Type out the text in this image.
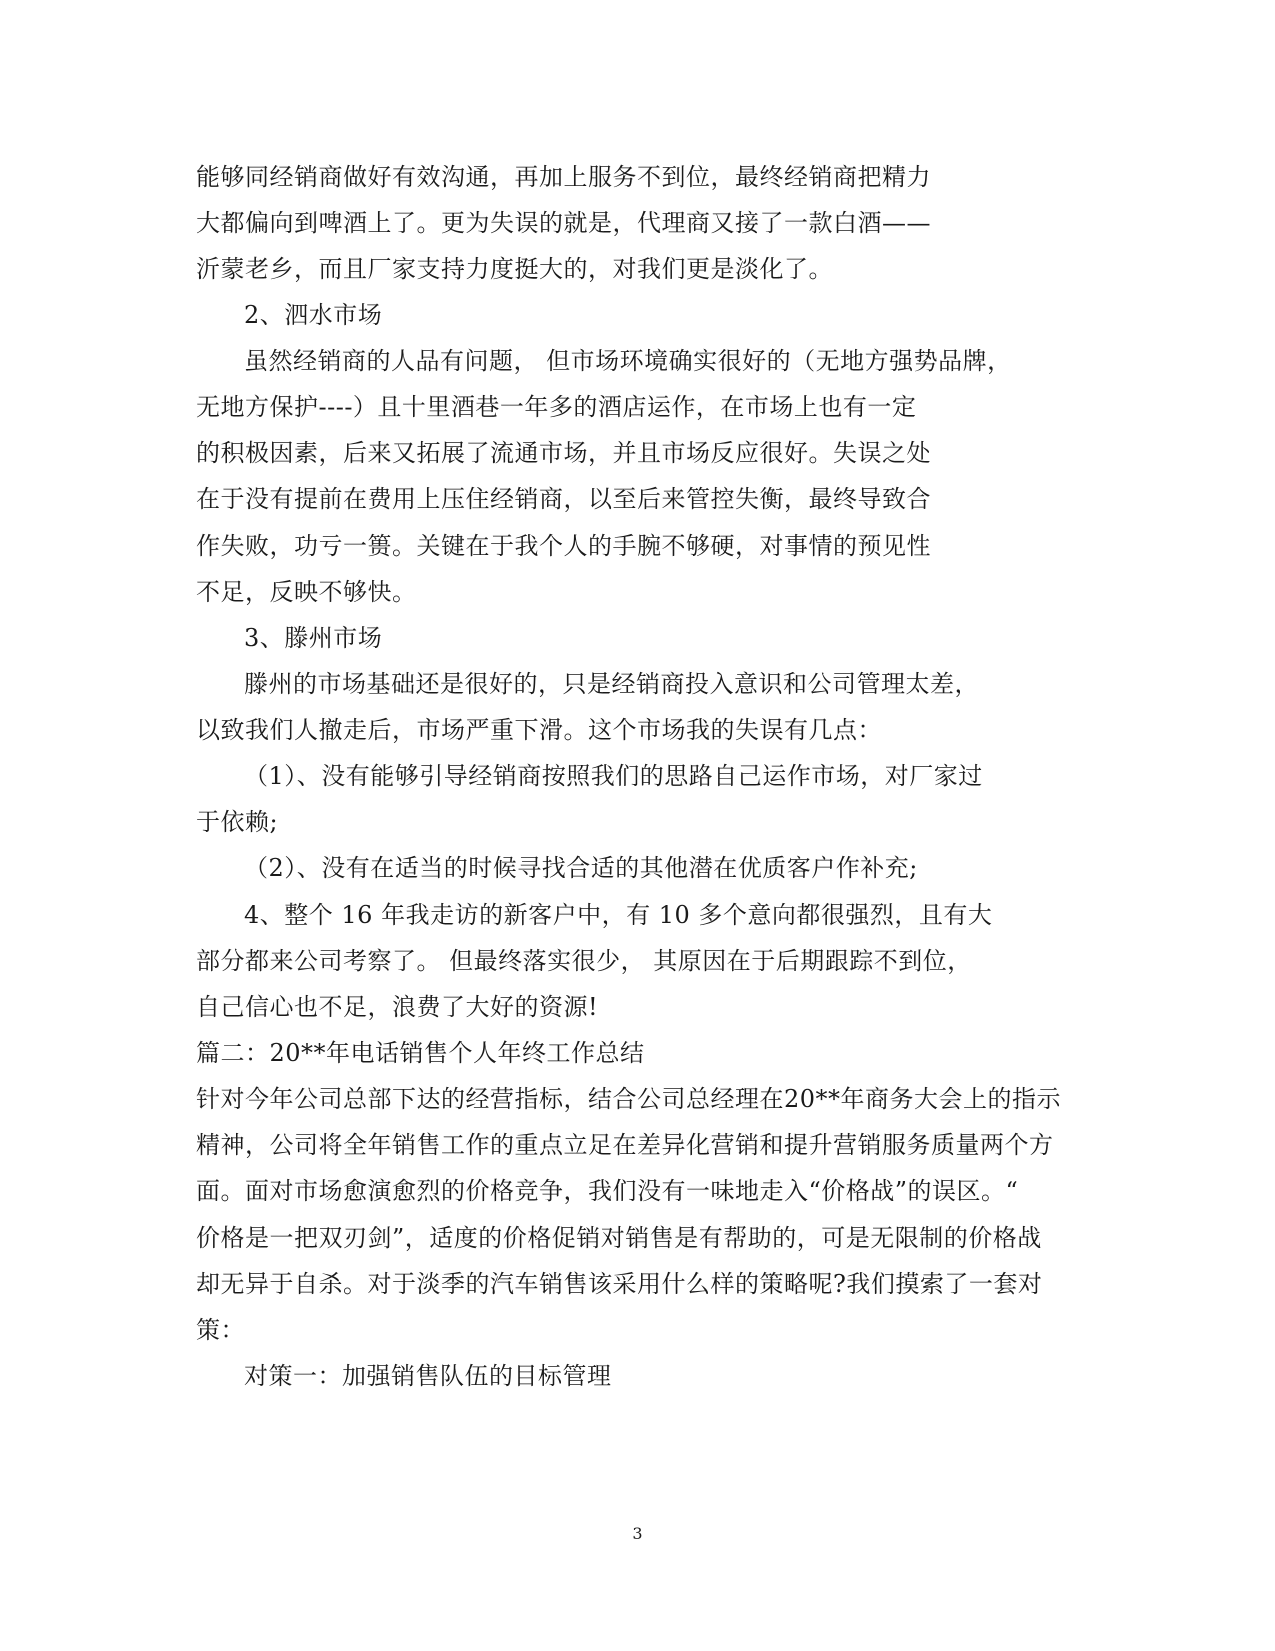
能够同经销商做好有效沟通，再加上服务不到位，最终经销商把精力
大都偏向到啤酒上了。更为失误的就是，代理商又接了一款白酒——
沂蒙老乡，而且厂家支持力度挺大的，对我们更是淡化了。
2、泗水市场
虽然经销商的人品有问题， 但市场环境确实很好的（无地方强势品牌，
无地方保护----）且十里酒巷一年多的酒店运作，在市场上也有一定
的积极因素，后来又拓展了流通市场，并且市场反应很好。失误之处
在于没有提前在费用上压住经销商，以至后来管控失衡，最终导致合
作失败，功亏一篑。关键在于我个人的手腕不够硬，对事情的预见性
不足，反映不够快。
3、滕州市场
滕州的市场基础还是很好的，只是经销商投入意识和公司管理太差，
以致我们人撤走后，市场严重下滑。这个市场我的失误有几点：
（1）、没有能够引导经销商按照我们的思路自己运作市场，对厂家过
于依赖;
（2）、没有在适当的时候寻找合适的其他潜在优质客户作补充;
4、整个 16 年我走访的新客户中，有 10 多个意向都很强烈，且有大
部分都来公司考察了。 但最终落实很少， 其原因在于后期跟踪不到位，
自己信心也不足，浪费了大好的资源!
篇二：20**年电话销售个人年终工作总结
针对今年公司总部下达的经营指标，结合公司总经理在20**年商务大会上的指示
精神，公司将全年销售工作的重点立足在差异化营销和提升营销服务质量两个方
面。面对市场愈演愈烈的价格竞争，我们没有一味地走入“价格战”的误区。“
价格是一把双刃剑”，适度的价格促销对销售是有帮助的，可是无限制的价格战
却无异于自杀。对于淡季的汽车销售该采用什么样的策略呢?我们摸索了一套对
策：
对策一：加强销售队伍的目标管理
3
